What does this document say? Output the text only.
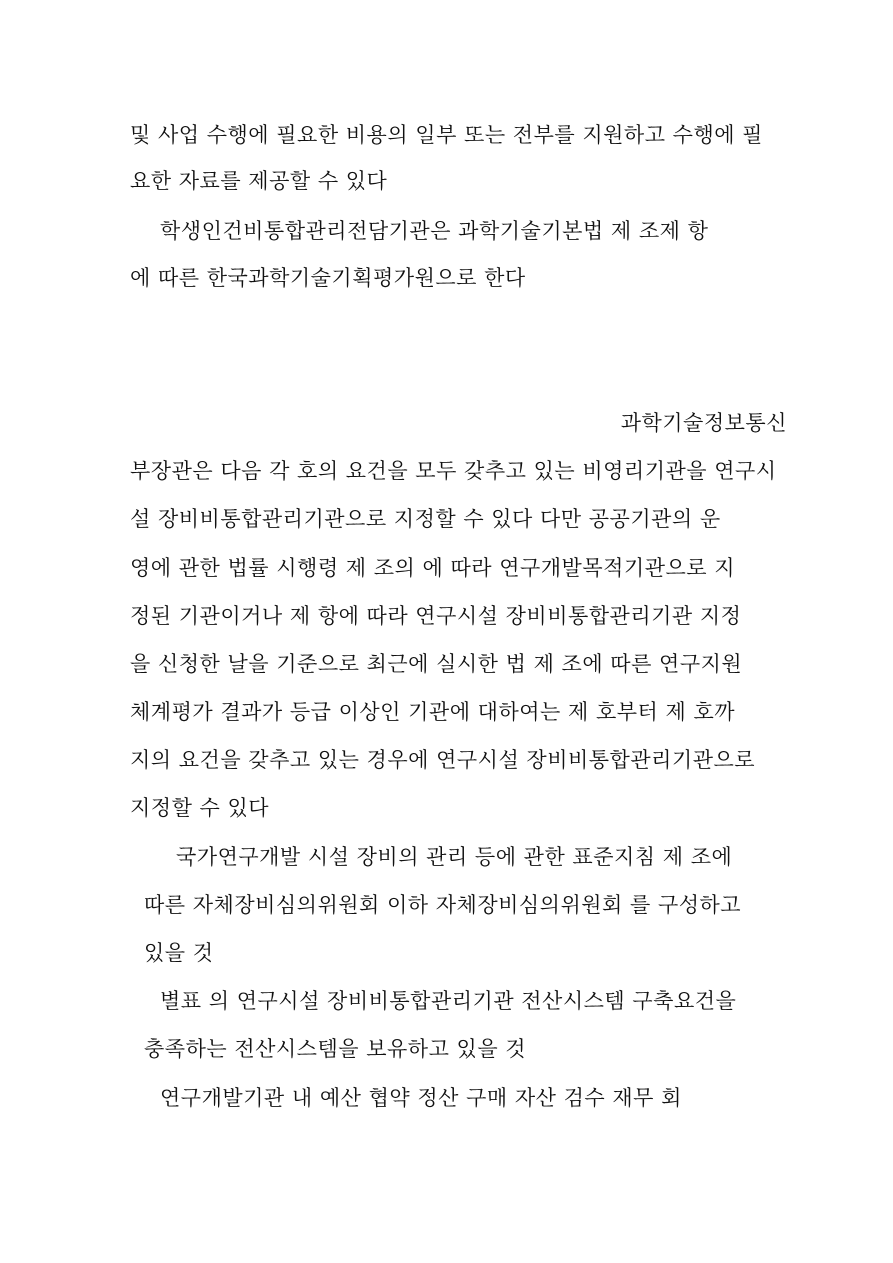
및 사업 수행에 필요한 비용의 일부 또는 전부를 지원하고 수행에 필
요한 자료를 제공할 수 있다
학생인건비통합관리전담기관은 과학기술기본법 제 조제 항
에 따른 한국과학기술기획평가원으로 한다
과학기술정보통신
부장관은 다음 각 호의 요건을 모두 갖추고 있는 비영리기관을 연구시
설 장비비통합관리기관으로 지정할 수 있다 다만 공공기관의 운
영에 관한 법률 시행령 제 조의 에 따라 연구개발목적기관으로 지
정된 기관이거나 제 항에 따라 연구시설 장비비통합관리기관 지정
을 신청한 날을 기준으로 최근에 실시한 법 제 조에 따른 연구지원
체계평가 결과가 등급 이상인 기관에 대하여는 제 호부터 제 호까
지의 요건을 갖추고 있는 경우에 연구시설 장비비통합관리기관으로
지정할 수 있다
국가연구개발 시설 장비의 관리 등에 관한 표준지침 제 조에
따른 자체장비심의위원회 이하 자체장비심의위원회 를 구성하고
있을 것
별표 의 연구시설 장비비통합관리기관 전산시스템 구축요건을
충족하는 전산시스템을 보유하고 있을 것
연구개발기관 내 예산 협약 정산 구매 자산 검수 재무 회
